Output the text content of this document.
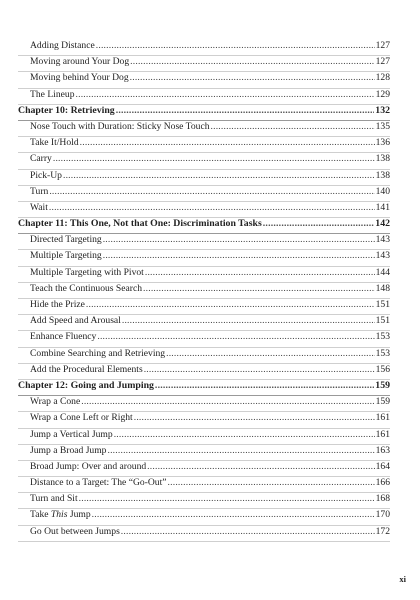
Adding Distance .....	127
Moving around Your Dog .....	127
Moving behind Your Dog .....	128
The Lineup .....	129
Chapter 10: Retrieving .....	132
Nose Touch with Duration: Sticky Nose Touch .....	135
Take It/Hold .....	136
Carry .....	138
Pick-Up .....	138
Turn .....	140
Wait .....	141
Chapter 11: This One, Not that One: Discrimination Tasks .....	142
Directed Targeting .....	143
Multiple Targeting .....	143
Multiple Targeting with Pivot .....	144
Teach the Continuous Search .....	148
Hide the Prize .....	151
Add Speed and Arousal .....	151
Enhance Fluency .....	153
Combine Searching and Retrieving .....	153
Add the Procedural Elements .....	156
Chapter 12: Going and Jumping .....	159
Wrap a Cone .....	159
Wrap a Cone Left or Right .....	161
Jump a Vertical Jump .....	161
Jump a Broad Jump .....	163
Broad Jump: Over and around .....	164
Distance to a Target: The “Go-Out” .....	166
Turn and Sit .....	168
Take This Jump .....	170
Go Out between Jumps .....	172
xi
